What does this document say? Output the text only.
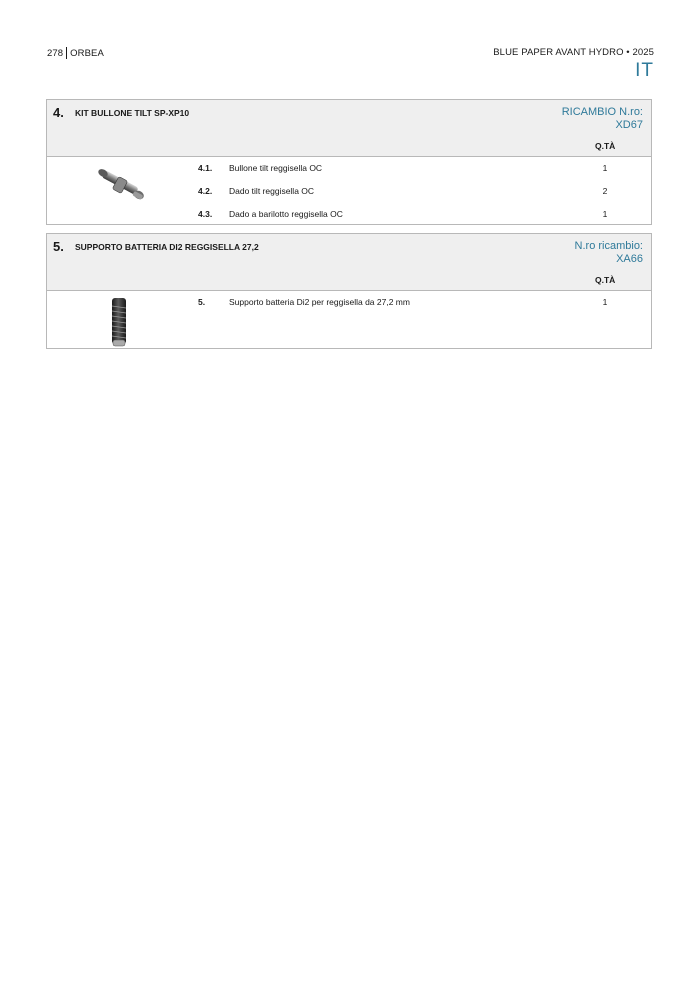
278 ORBEA	BLUE PAPER AVANT HYDRO • 2025
IT
4. KIT BULLONE TILT SP-XP10	RICAMBIO N.ro:
XD67
Q.TÀ
4.1. Bullone tilt reggisella OC	1
4.2. Dado tilt reggisella OC	2
4.3. Dado a barilotto reggisella OC	1
5. SUPPORTO BATTERIA DI2 REGGISELLA 27,2	N.ro ricambio:
XA66
Q.TÀ
5.	Supporto batteria Di2 per reggisella da 27,2 mm	1
